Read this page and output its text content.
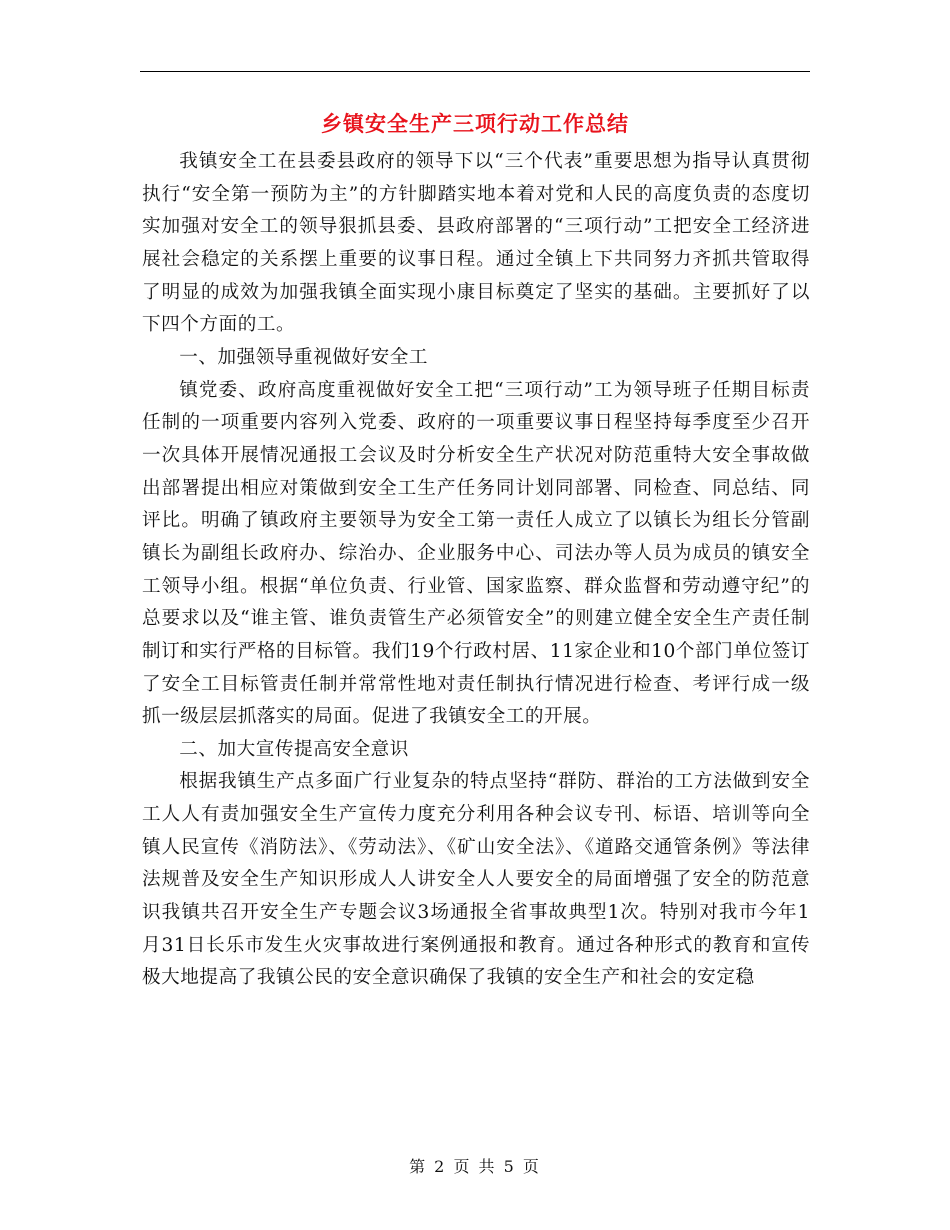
乡镇安全生产三项行动工作总结

我镇安全工在县委县政府的领导下以“三个代表”重要思想为指导认真贯彻执行“安全第一预防为主”的方针脚踏实地本着对党和人民的高度负责的态度切实加强对安全工的领导狠抓县委、县政府部署的“三项行动”工把安全工经济进展社会稳定的关系摆上重要的议事日程。通过全镇上下共同努力齐抓共管取得了明显的成效为加强我镇全面实现小康目标奠定了坚实的基础。主要抓好了以下四个方面的工。

一、加强领导重视做好安全工

镇党委、政府高度重视做好安全工把“三项行动”工为领导班子任期目标责任制的一项重要内容列入党委、政府的一项重要议事日程坚持每季度至少召开一次具体开展情况通报工会议及时分析安全生产状况对防范重特大安全事故做出部署提出相应对策做到安全工生产任务同计划同部署、同检查、同总结、同评比。明确了镇政府主要领导为安全工第一责任人成立了以镇长为组长分管副镇长为副组长政府办、综治办、企业服务中心、司法办等人员为成员的镇安全工领导小组。根据“单位负责、行业管、国家监察、群众监督和劳动遵守纪”的总要求以及“谁主管、谁负责管生产必须管安全”的则建立健全安全生产责任制制订和实行严格的目标管。我们19个行政村居、11家企业和10个部门单位签订了安全工目标管责任制并常常性地对责任制执行情况进行检查、考评行成一级抓一级层层抓落实的局面。促进了我镇安全工的开展。

二、加大宣传提高安全意识

根据我镇生产点多面广行业复杂的特点坚持“群防、群治的工方法做到安全工人人有责加强安全生产宣传力度充分利用各种会议专刊、标语、培训等向全镇人民宣传《消防法》、《劳动法》、《矿山安全法》、《道路交通管条例》等法律法规普及安全生产知识形成人人讲安全人人要安全的局面增强了安全的防范意识我镇共召开安全生产专题会议3场通报全省事故典型1次。特别对我市今年1月31日长乐市发生火灾事故进行案例通报和教育。通过各种形式的教育和宣传极大地提高了我镇公民的安全意识确保了我镇的安全生产和社会的安定稳

第 2 页 共 5 页
